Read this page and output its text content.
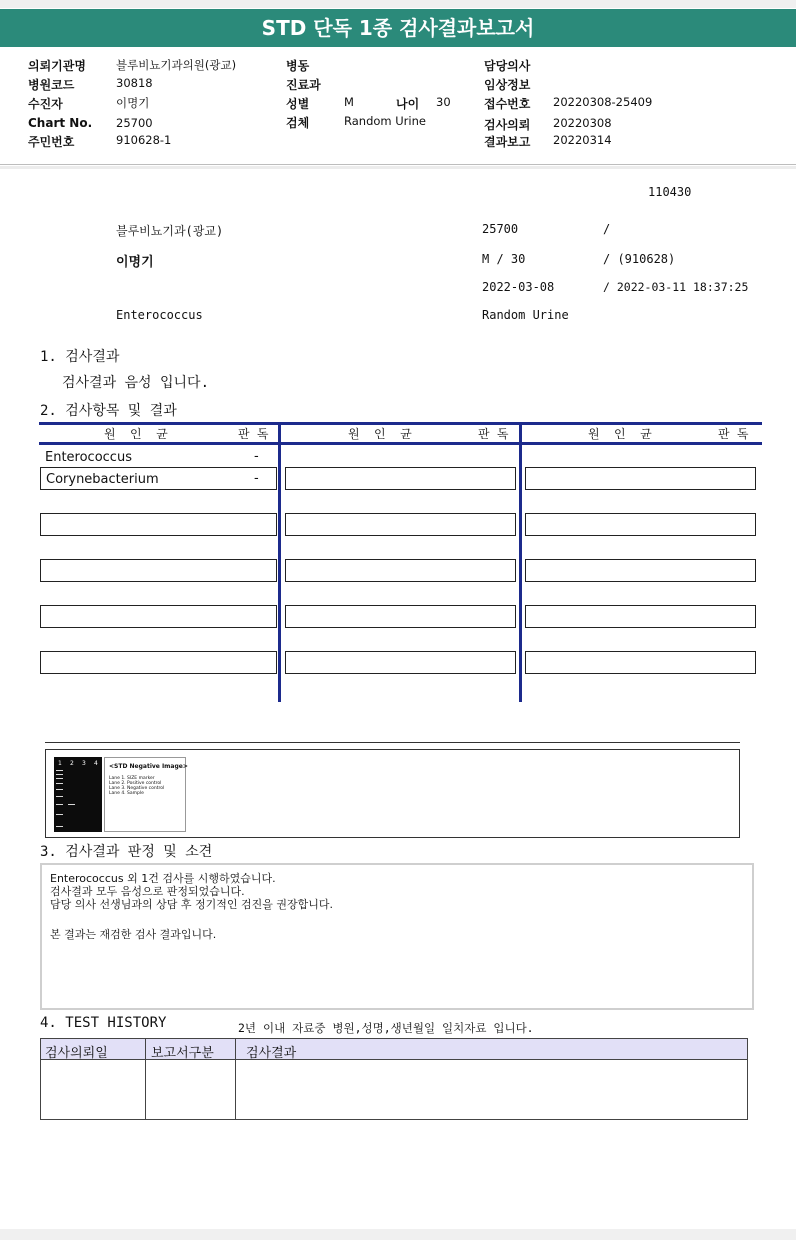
STD 단독 1종 검사결과보고서
의뢰기관명	블루비뇨기과의원(광교)
병원코드	30818
수진자	이명기
Chart No. 25700
주민번호	910628-1
병동
진료과
성별	M	나이 30
검체	Random Urine
담당의사
임상정보
접수번호 20220308-25409
검사의뢰 20220308
결과보고 20220314
110430
블루비뇨기과(광교)	25700	/
이명기	M / 30	/ (910628)
2022-03-08	/ 2022-03-11 18:37:25
Enterococcus	Random Urine
1. 검사결과
검사결과 음성 입니다.
2. 검사항목 및 결과
원  인  균	판 독	원  인  균	판 독	원  인  균	판 독
Enterococcus	-
Corynebacterium	-
1 2 3 4 <STD Negative Image>
Lane 1. SIZE marker
Lane 2. Positive control
Lane 3. Negative control
Lane 4. Sample
3. 검사결과 판정 및 소견
Enterococcus 외 1건 검사를 시행하였습니다.
검사결과 모두 음성으로 판정되었습니다.
담당 의사 선생님과의 상담 후 정기적인 검진을 권장합니다.
본 결과는 재검한 검사 결과입니다.
4. TEST HISTORY	2년 이내 자료중 병원,성명,생년월일 일치자료 입니다.
검사의뢰일	보고서구분 검사결과
